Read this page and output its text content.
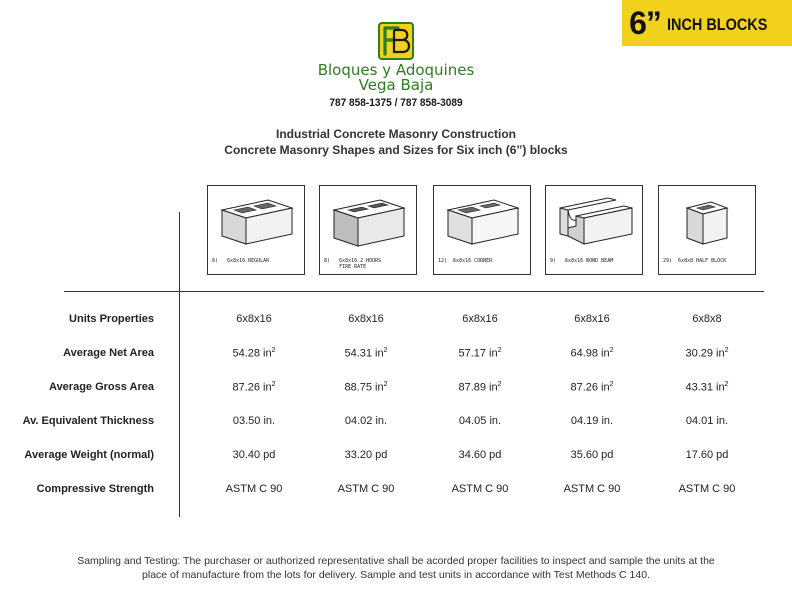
6” INCH BLOCKS
Bloques y Adoquines
Vega Baja
787 858-1375 / 787 858-3089
Industrial Concrete Masonry Construction
Concrete Masonry Shapes and Sizes for Six inch (6”) blocks
6)   6x8x16 REGULAR	8)   6x8x16 2 HOURS
FIRE RATE
12)  6x8x16 CORNER	9)   6x8x16 BOND BEAM	29)  6x8x8 HALF BLOCK
Units Properties	6x8x16	6x8x16	6x8x16	6x8x16	6x8x8
Average Net Area	54.28 $in^2$	54.31 $in^2$	57.17 $in^2$	64.98 $in^2$	30.29 $in^2$
Average Gross Area	87.26 $in^2$	88.75 $in^2$	87.89 $in^2$	87.26 $in^2$	43.31 $in^2$
Av. Equivalent Thickness	03.50 in.	04.02 in.	04.05 in.	04.19 in.	04.01 in.
Average Weight (normal)	30.40 pd	33.20 pd	34.60 pd	35.60 pd	17.60 pd
Compressive Strength	ASTM C 90	ASTM C 90	ASTM C 90	ASTM C 90	ASTM C 90
Sampling and Testing: The purchaser or authorized representative shall be acorded proper facilities to inspect and sample the units at the
place of manufacture from the lots for delivery. Sample and test units in accordance with Test Methods C 140.
